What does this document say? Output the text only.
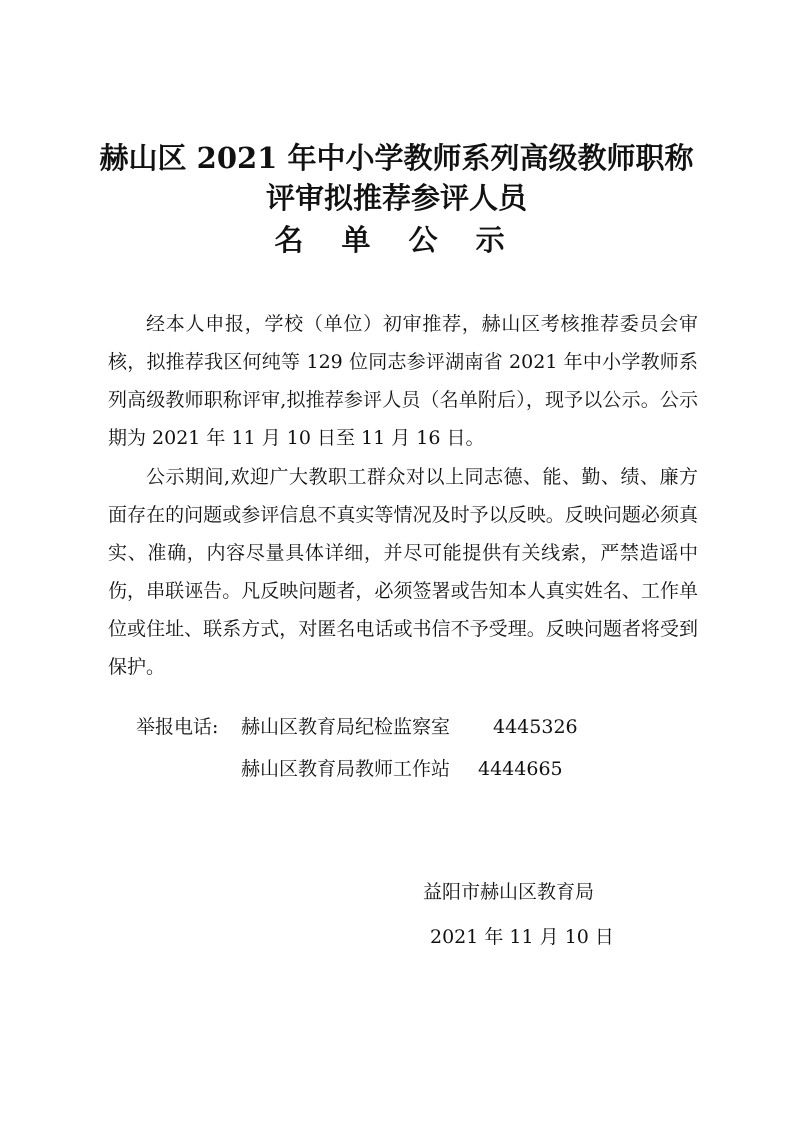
赫山区 2021 年中小学教师系列高级教师职称
评审拟推荐参评人员
名 单 公 示

经本人申报，学校（单位）初审推荐，赫山区考核推荐委员会审核，拟推荐我区何纯等 129 位同志参评湖南省 2021 年中小学教师系列高级教师职称评审,拟推荐参评人员（名单附后），现予以公示。公示期为 2021 年 11 月 10 日至 11 月 16 日。

公示期间,欢迎广大教职工群众对以上同志德、能、勤、绩、廉方面存在的问题或参评信息不真实等情况及时予以反映。反映问题必须真实、准确，内容尽量具体详细，并尽可能提供有关线索，严禁造谣中伤，串联诬告。凡反映问题者，必须签署或告知本人真实姓名、工作单位或住址、联系方式，对匿名电话或书信不予受理。反映问题者将受到保护。

举报电话: 赫山区教育局纪检监察室 4445326
赫山区教育局教师工作站 4444665
益阳市赫山区教育局
2021 年 11 月 10 日
